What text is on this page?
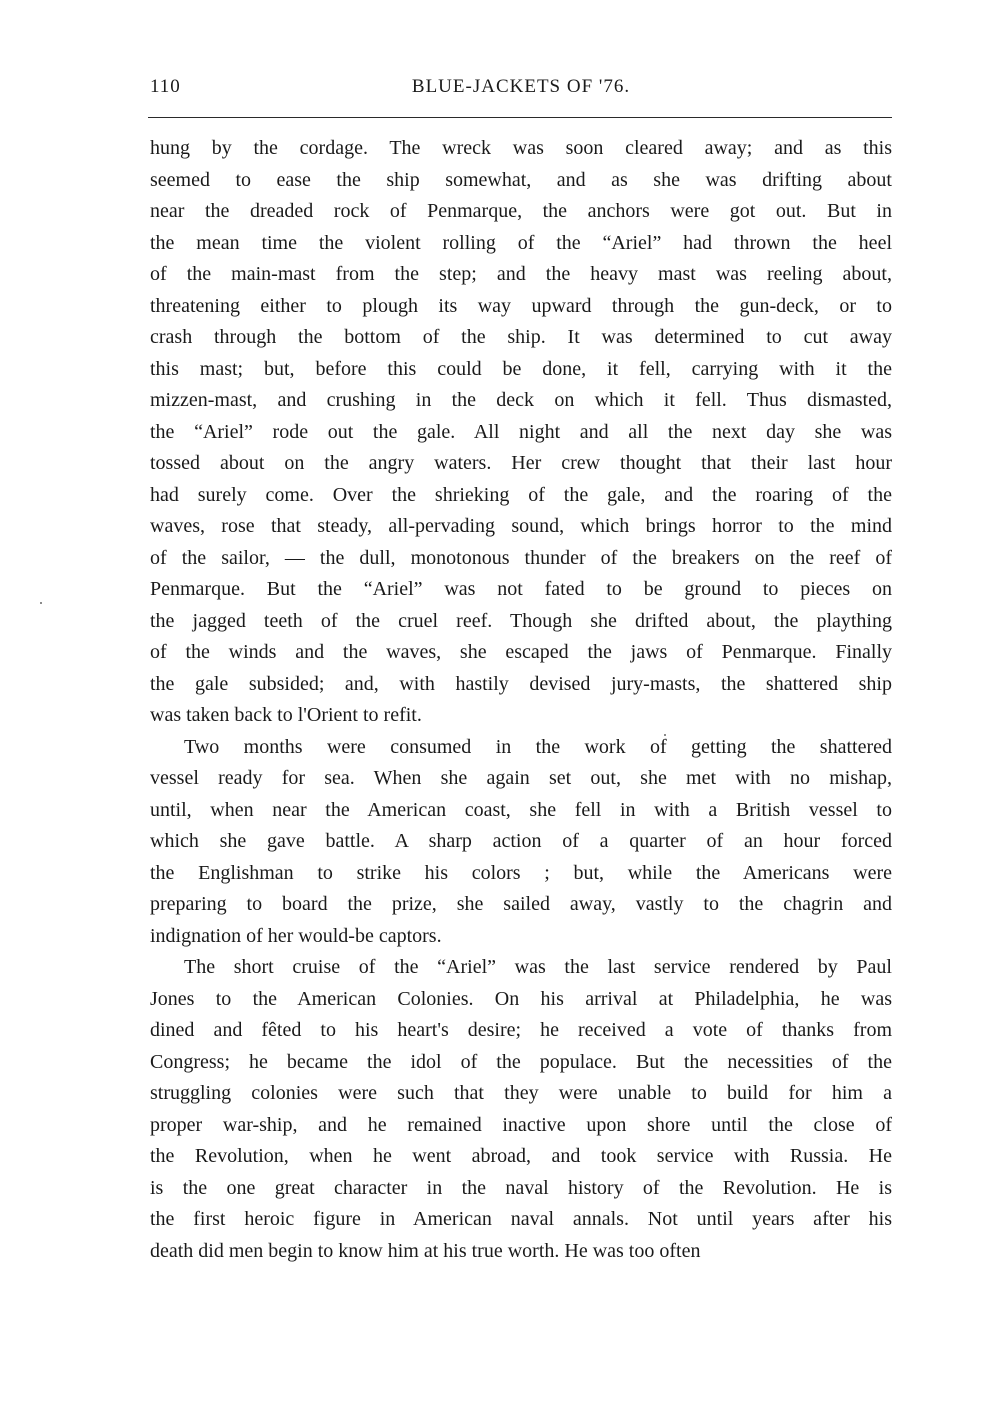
110	BLUE-JACKETS OF '76.
hung by the cordage. The wreck was soon cleared away; and as this
seemed to ease the ship somewhat, and as she was drifting about
near the dreaded rock of Penmarque, the anchors were got out. But in
the mean time the violent rolling of the “Ariel” had thrown the heel
of the main-mast from the step; and the heavy mast was reeling about,
threatening either to plough its way upward through the gun-deck, or to
crash through the bottom of the ship. It was determined to cut away
this mast; but, before this could be done, it fell, carrying with it the
mizzen-mast, and crushing in the deck on which it fell. Thus dismasted,
the “Ariel” rode out the gale. All night and all the next day she was
tossed about on the angry waters. Her crew thought that their last hour
had surely come. Over the shrieking of the gale, and the roaring of the
waves, rose that steady, all-pervading sound, which brings horror to the mind
of the sailor, — the dull, monotonous thunder of the breakers on the reef of
Penmarque. But the “Ariel” was not fated to be ground to pieces on
the jagged teeth of the cruel reef. Though she drifted about, the plaything
of the winds and the waves, she escaped the jaws of Penmarque. Finally
the gale subsided; and, with hastily devised jury-masts, the shattered ship
was taken back to l'Orient to refit.
Two months were consumed in the work of getting the shattered
vessel ready for sea. When she again set out, she met with no mishap,
until, when near the American coast, she fell in with a British vessel to
which she gave battle. A sharp action of a quarter of an hour forced
the Englishman to strike his colors ; but, while the Americans were
preparing to board the prize, she sailed away, vastly to the chagrin and
indignation of her would-be captors.
The short cruise of the “Ariel” was the last service rendered by Paul
Jones to the American Colonies. On his arrival at Philadelphia, he was
dined and fêted to his heart's desire; he received a vote of thanks from
Congress; he became the idol of the populace. But the necessities of the
struggling colonies were such that they were unable to build for him a
proper war-ship, and he remained inactive upon shore until the close of
the Revolution, when he went abroad, and took service with Russia. He
is the one great character in the naval history of the Revolution. He is
the first heroic figure in American naval annals. Not until years after his
death did men begin to know him at his true worth. He was too often
